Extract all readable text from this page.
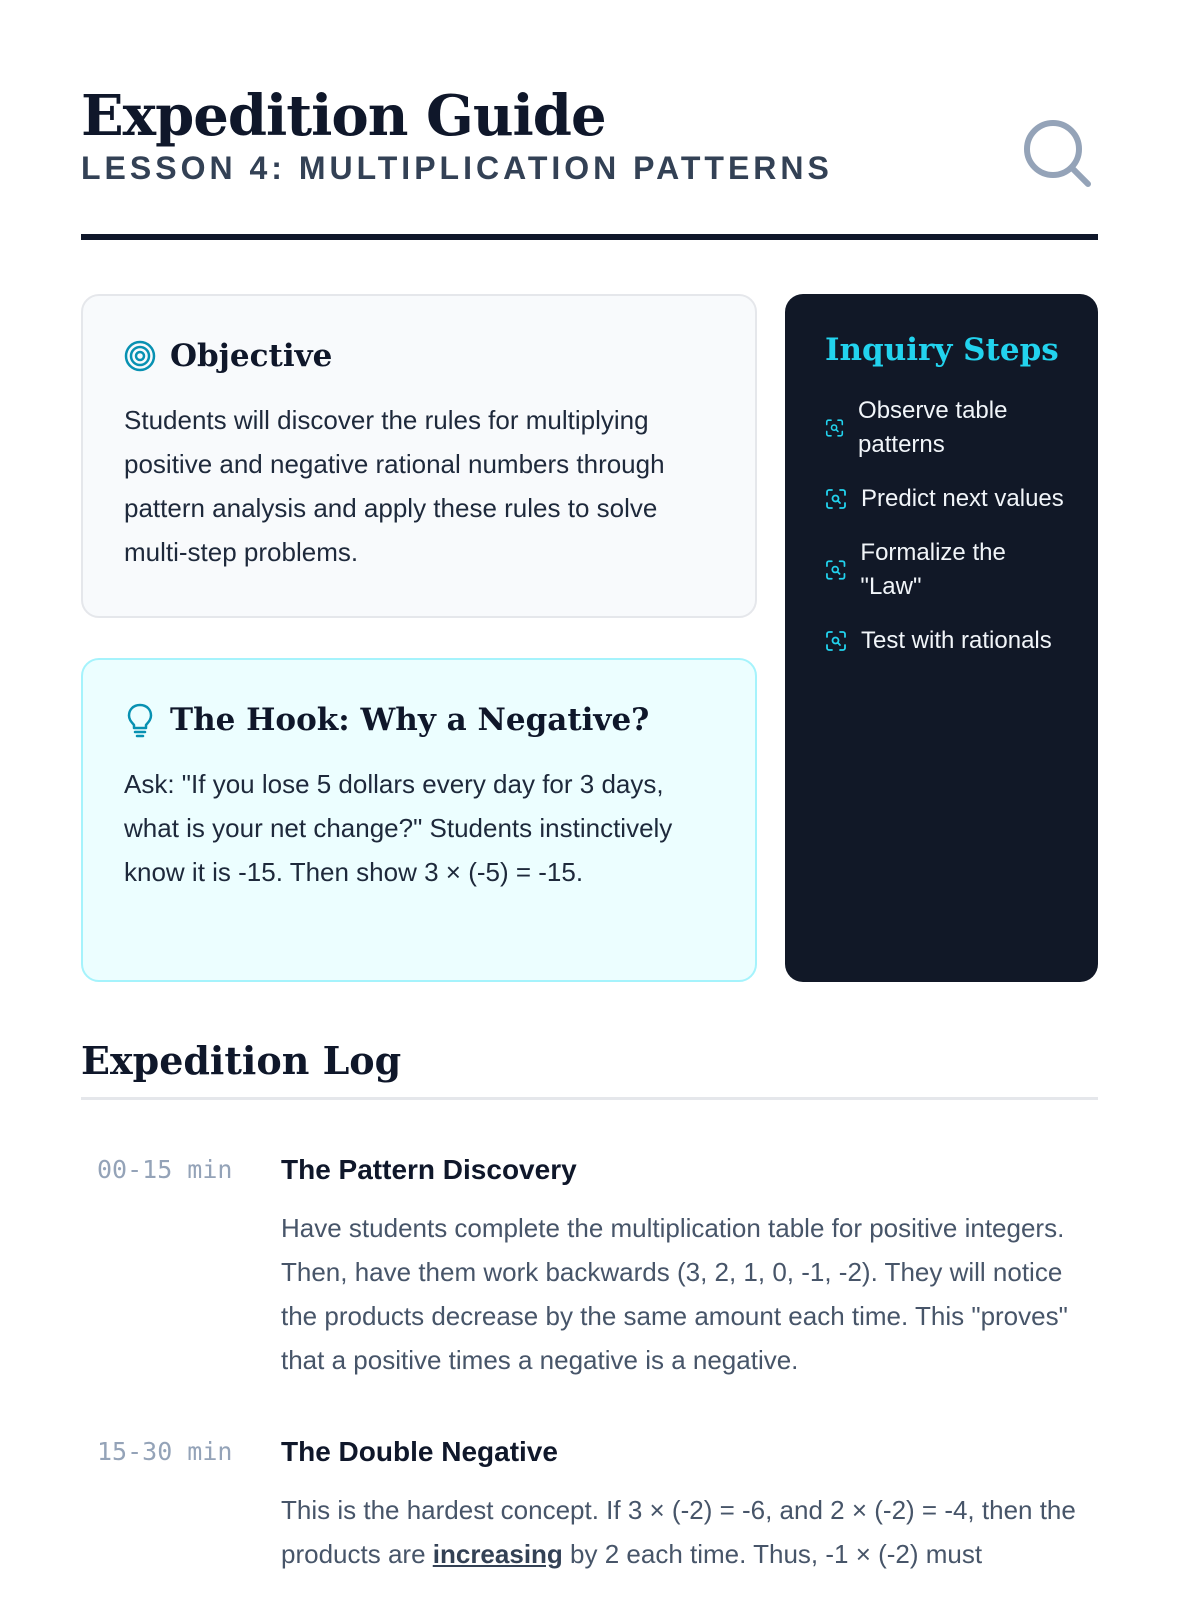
Expedition Guide
LESSON 4: MULTIPLICATION PATTERNS
Objective
Students will discover the rules for multiplying positive and negative rational numbers through pattern analysis and apply these rules to solve multi-step problems.
The Hook: Why a Negative?
Ask: "If you lose 5 dollars every day for 3 days, what is your net change?" Students instinctively know it is -15. Then show 3 × (-5) = -15.
Inquiry Steps
Observe table patterns
Predict next values
Formalize the "Law"
Test with rationals
Expedition Log
00-15 min	The Pattern Discovery
Have students complete the multiplication table for positive integers. Then, have them work backwards (3, 2, 1, 0, -1, -2). They will notice the products decrease by the same amount each time. This "proves" that a positive times a negative is a negative.
15-30 min	The Double Negative
This is the hardest concept. If 3 × (-2) = -6, and 2 × (-2) = -4, then the products are increasing by 2 each time. Thus, -1 × (-2) must
